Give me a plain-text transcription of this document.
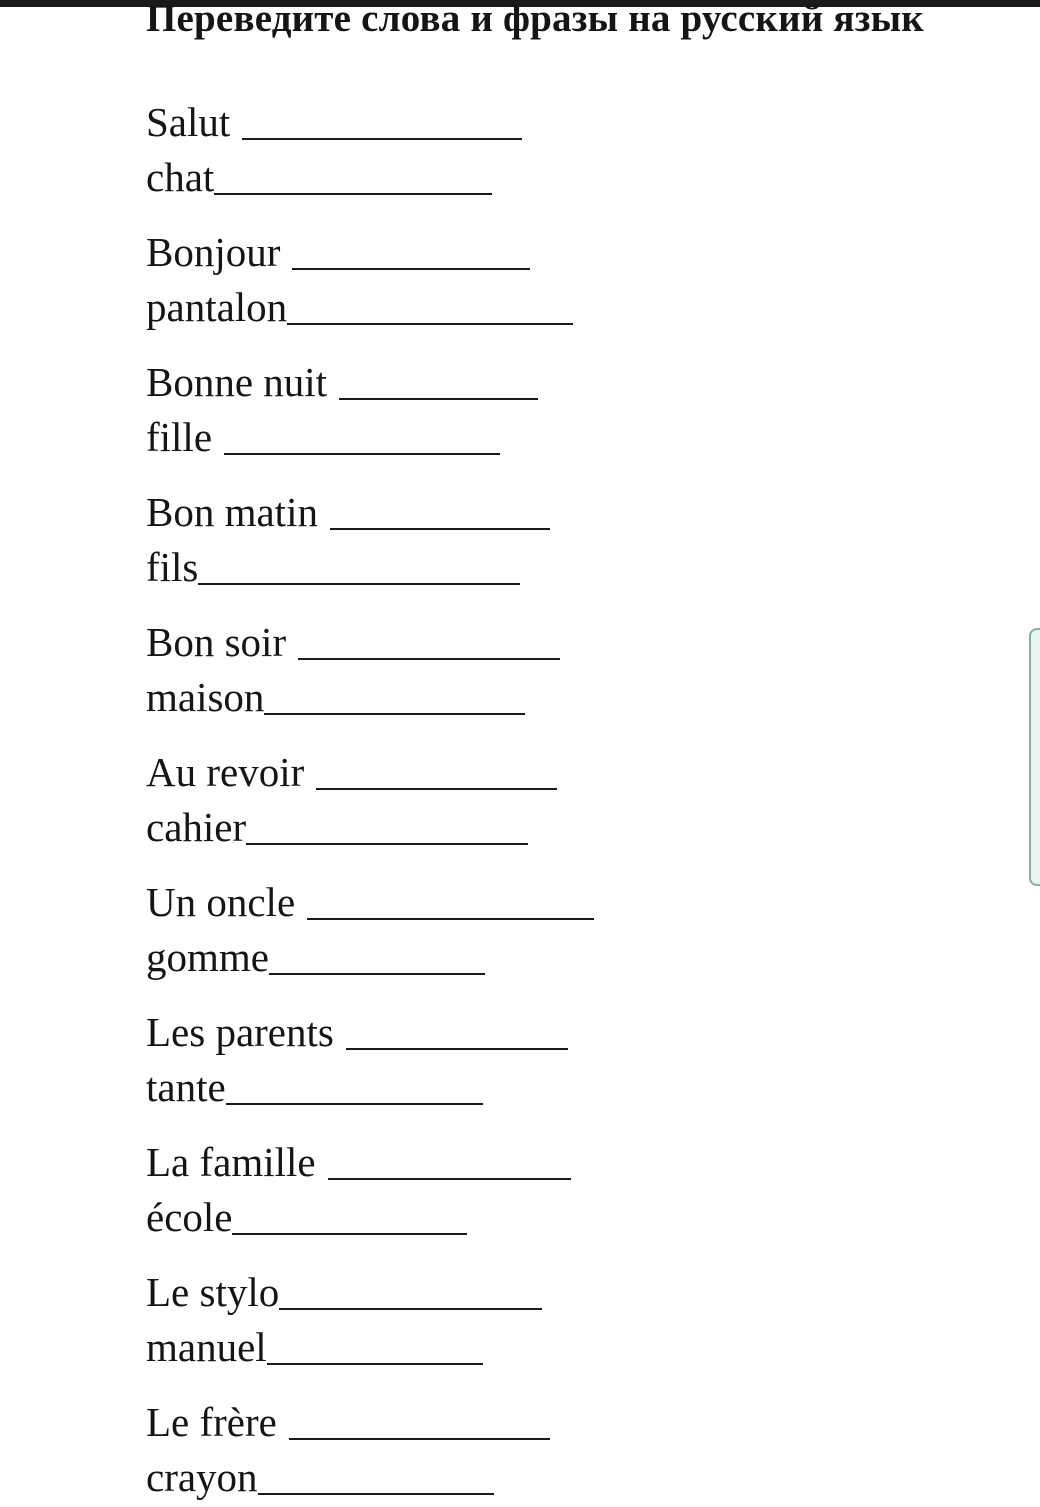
Переведите слова и фразы на русский язык
Salut
chat
Bonjour
pantalon
Bonne nuit
fille
Bon matin
fils
Bon soir
maison
Au revoir
cahier
Un oncle
gomme
Les parents
tante
La famille
école
Le stylo
manuel
Le frère
crayon
